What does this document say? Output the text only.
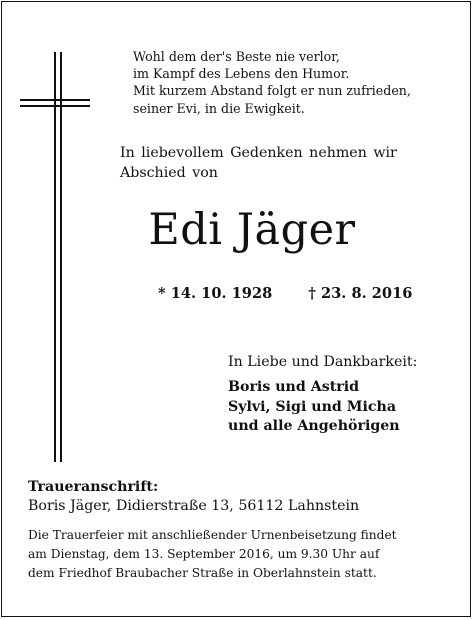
Wohl dem der's Beste nie verlor,
im Kampf des Lebens den Humor.
Mit kurzem Abstand folgt er nun zufrieden,
seiner Evi, in die Ewigkeit.
In liebevollem Gedenken nehmen wir
Abschied von
Edi Jäger
* 14. 10. 1928 † 23. 8. 2016
In Liebe und Dankbarkeit:
Boris und Astrid
Sylvi, Sigi und Micha
und alle Angehörigen
Traueranschrift:
Boris Jäger, Didierstraße 13, 56112 Lahnstein
Die Trauerfeier mit anschließender Urnenbeisetzung findet
am Dienstag, dem 13. September 2016, um 9.30 Uhr auf
dem Friedhof Braubacher Straße in Oberlahnstein statt.
